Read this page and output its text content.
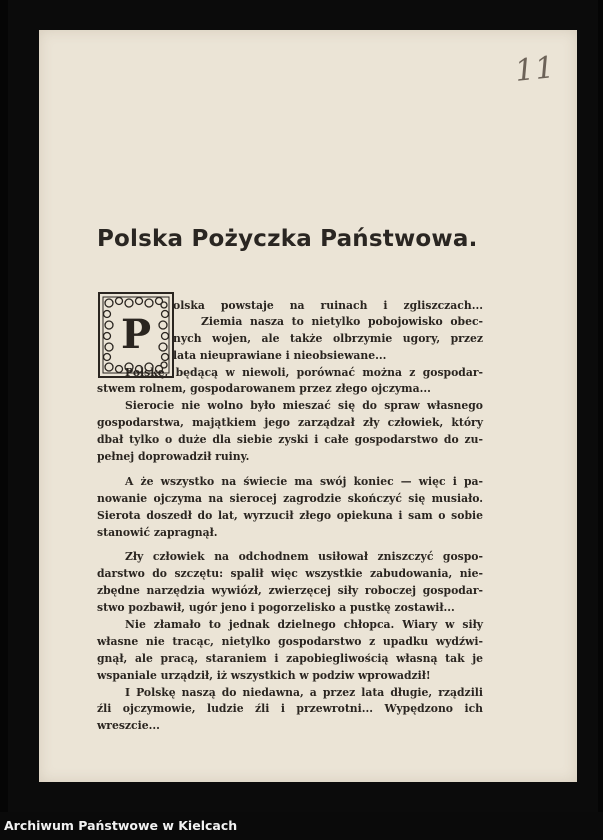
11
Polska Pożyczka Państwowa.
P
olska powstaje na ruinach i zgliszczach...
Ziemia nasza to nietylko pobojowisko obec-
nych wojen, ale także olbrzymie ugory, przez
lata nieuprawiane i nieobsiewane...
Polskę, będącą w niewoli, porównać można z gospodar-
stwem rolnem, gospodarowanem przez złego ojczyma...
Sierocie nie wolno było mieszać się do spraw własnego
gospodarstwa, majątkiem jego zarządzał zły człowiek, który
dbał tylko o duże dla siebie zyski i całe gospodarstwo do zu-
pełnej doprowadził ruiny.
A że wszystko na świecie ma swój koniec — więc i pa-
nowanie ojczyma na sierocej zagrodzie skończyć się musiało.
Sierota doszedł do lat, wyrzucił złego opiekuna i sam o sobie
stanowić zapragnął.
Zły człowiek na odchodnem usiłował zniszczyć gospo-
darstwo do szczętu: spalił więc wszystkie zabudowania, nie-
zbędne narzędzia wywiózł, zwierzęcej siły roboczej gospodar-
stwo pozbawił, ugór jeno i pogorzelisko a pustkę zostawił...
Nie złamało to jednak dzielnego chłopca. Wiary w siły
własne nie tracąc, nietylko gospodarstwo z upadku wydźwi-
gnął, ale pracą, staraniem i zapobiegliwością własną tak je
wspaniale urządził, iż wszystkich w podziw wprowadził!
I Polskę naszą do niedawna, a przez lata długie, rządzili
źli ojczymowie, ludzie źli i przewrotni... Wypędzono ich
wreszcie...
Archiwum Państwowe w Kielcach
